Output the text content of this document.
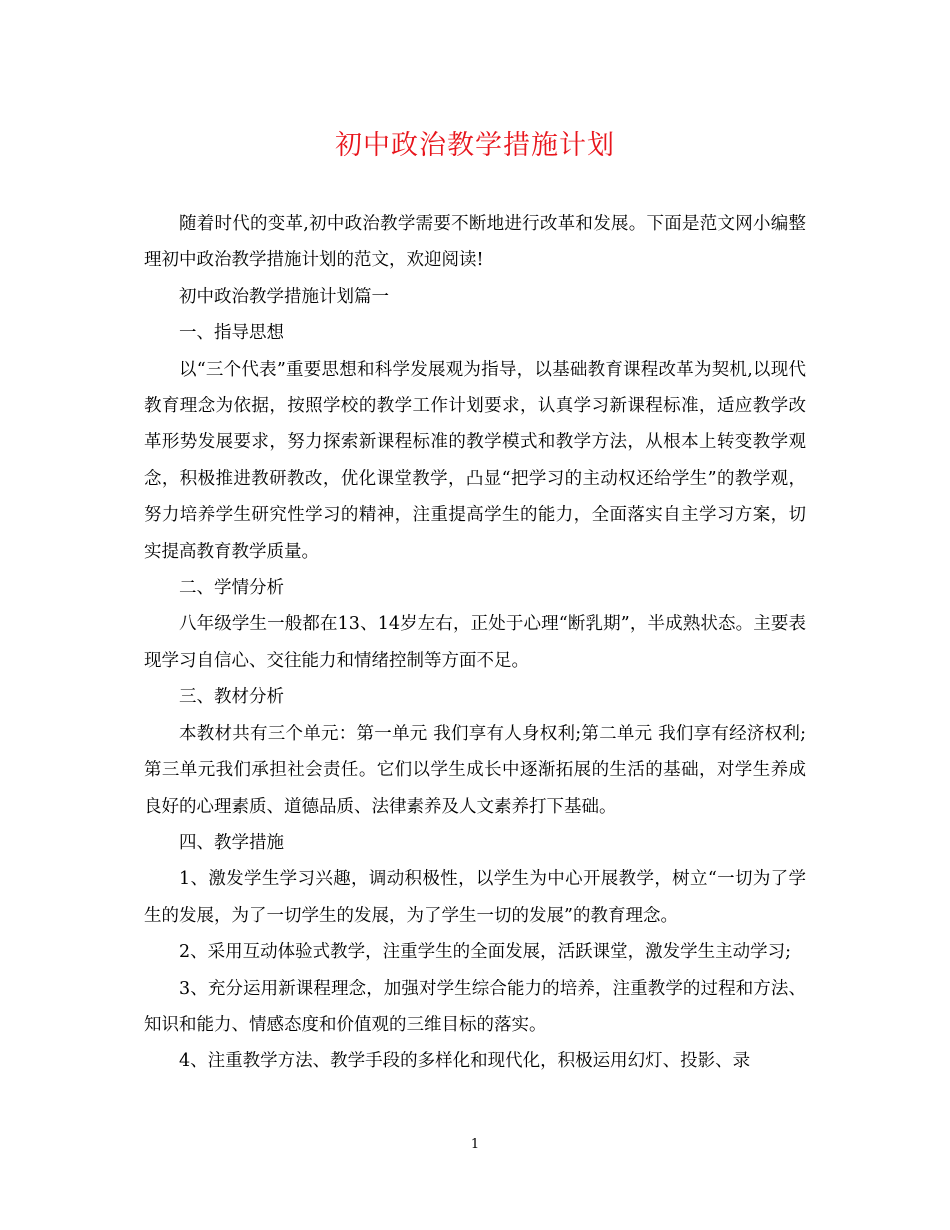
初中政治教学措施计划

随着时代的变革,初中政治教学需要不断地进行改革和发展。下面是范文网小编整理初中政治教学措施计划的范文，欢迎阅读!

初中政治教学措施计划篇一

一、指导思想

以“三个代表”重要思想和科学发展观为指导，以基础教育课程改革为契机,以现代教育理念为依据，按照学校的教学工作计划要求，认真学习新课程标准，适应教学改革形势发展要求，努力探索新课程标准的教学模式和教学方法，从根本上转变教学观念，积极推进教研教改，优化课堂教学，凸显“把学习的主动权还给学生”的教学观，努力培养学生研究性学习的精神，注重提高学生的能力，全面落实自主学习方案，切实提高教育教学质量。

二、学情分析

八年级学生一般都在13、14岁左右，正处于心理“断乳期”，半成熟状态。主要表现学习自信心、交往能力和情绪控制等方面不足。

三、教材分析

本教材共有三个单元：第一单元 我们享有人身权利;第二单元 我们享有经济权利;第三单元我们承担社会责任。它们以学生成长中逐渐拓展的生活的基础，对学生养成良好的心理素质、道德品质、法律素养及人文素养打下基础。

四、教学措施

1、激发学生学习兴趣，调动积极性，以学生为中心开展教学，树立“一切为了学生的发展，为了一切学生的发展，为了学生一切的发展”的教育理念。

2、采用互动体验式教学，注重学生的全面发展，活跃课堂，激发学生主动学习;

3、充分运用新课程理念，加强对学生综合能力的培养，注重教学的过程和方法、知识和能力、情感态度和价值观的三维目标的落实。

4、注重教学方法、教学手段的多样化和现代化，积极运用幻灯、投影、录

1
